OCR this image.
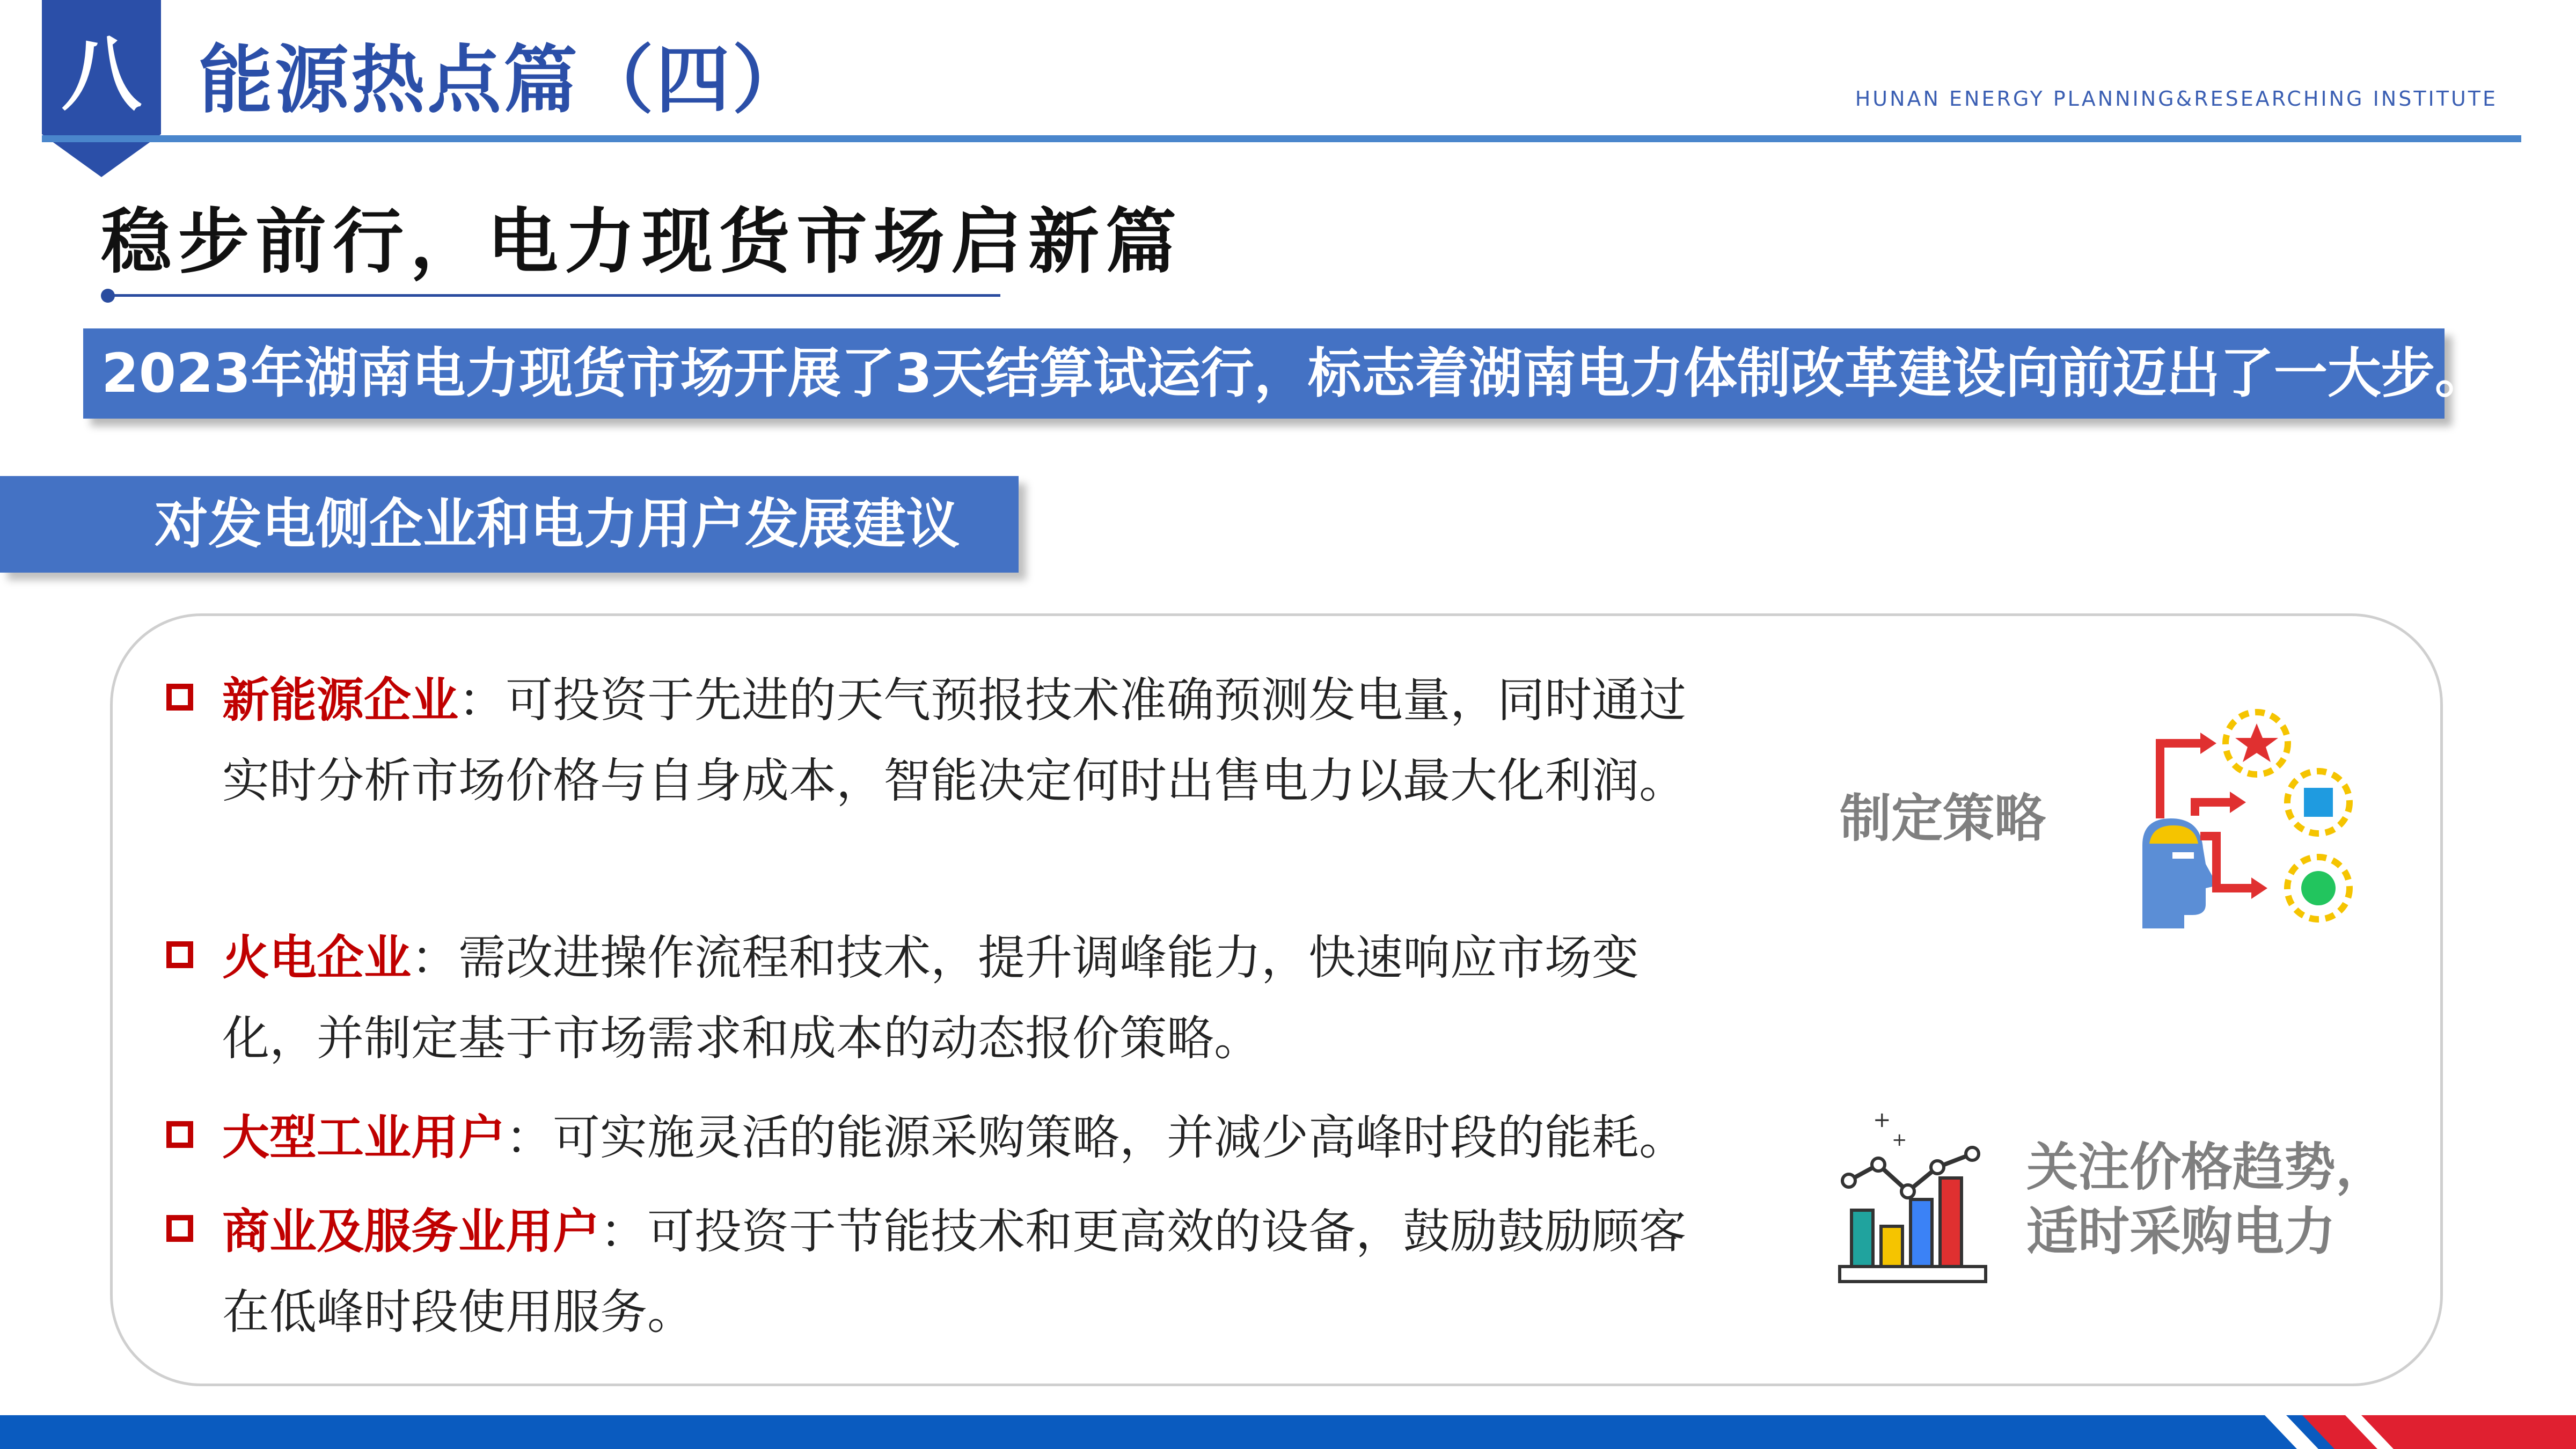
八 能源热点篇（四）	HUNAN ENERGY PLANNING&RESEARCHING INSTITUTE
稳步前行，电力现货市场启新篇
2023年湖南电力现货市场开展了3天结算试运行，标志着湖南电力体制改革建设向前迈出了一大步。
对发电侧企业和电力用户发展建议
新能源企业：可投资于先进的天气预报技术准确预测发电量，同时通过实时分析市场价格与自身成本，智能决定何时出售电力以最大化利润。
火电企业：需改进操作流程和技术，提升调峰能力，快速响应市场变化，并制定基于市场需求和成本的动态报价策略。
大型工业用户：可实施灵活的能源采购策略，并减少高峰时段的能耗。
商业及服务业用户：可投资于节能技术和更高效的设备，鼓励鼓励顾客在低峰时段使用服务。
制定策略
关注价格趋势，
适时采购电力
+
+
